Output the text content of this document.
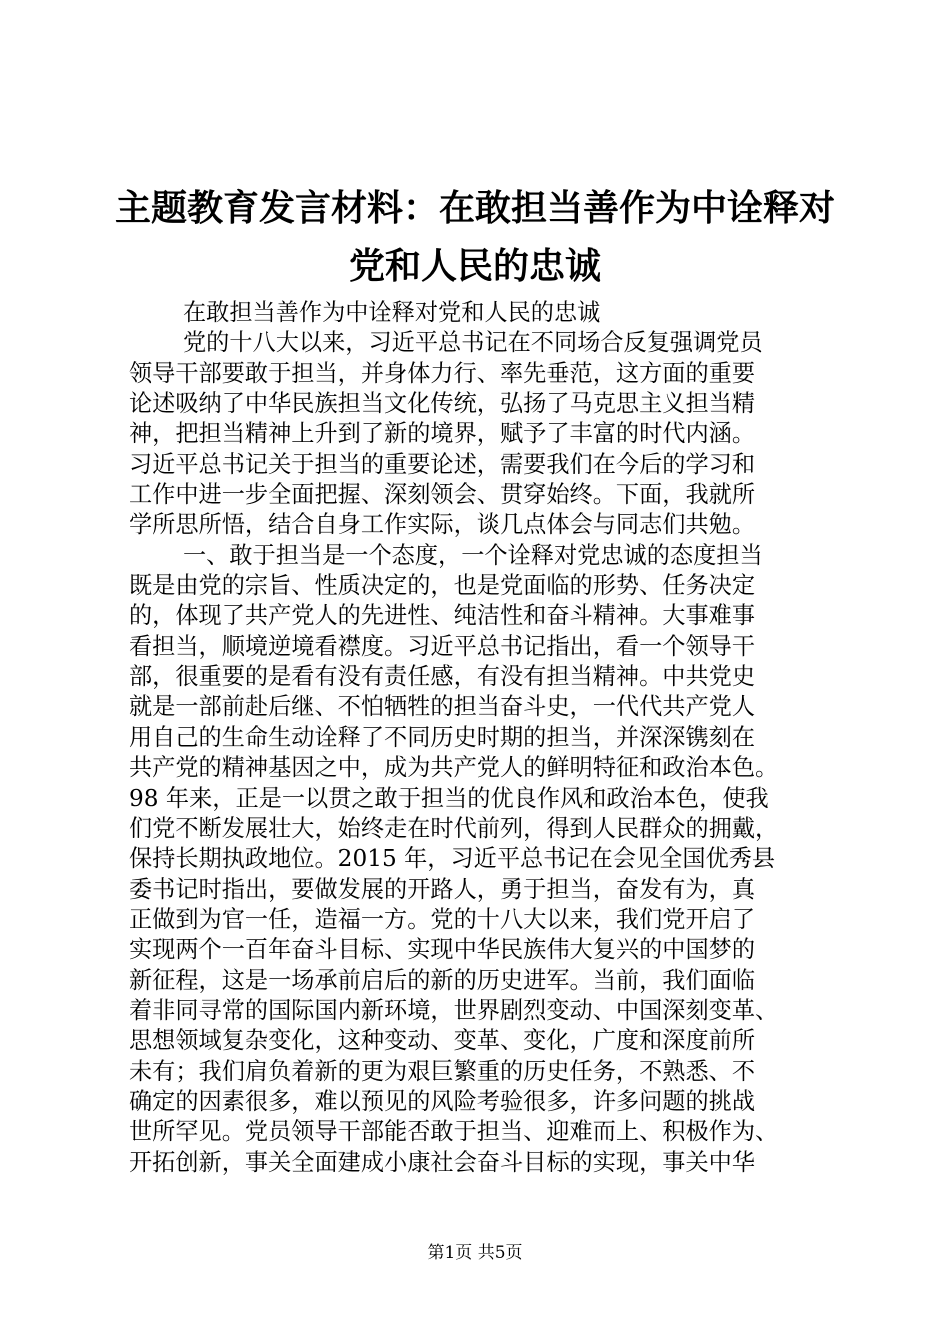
主题教育发言材料：在敢担当善作为中诠释对
党和人民的忠诚
在敢担当善作为中诠释对党和人民的忠诚
党的十八大以来，习近平总书记在不同场合反复强调党员
领导干部要敢于担当，并身体力行、率先垂范，这方面的重要
论述吸纳了中华民族担当文化传统，弘扬了马克思主义担当精
神，把担当精神上升到了新的境界，赋予了丰富的时代内涵。
习近平总书记关于担当的重要论述，需要我们在今后的学习和
工作中进一步全面把握、深刻领会、贯穿始终。下面，我就所
学所思所悟，结合自身工作实际，谈几点体会与同志们共勉。
一、敢于担当是一个态度，一个诠释对党忠诚的态度担当
既是由党的宗旨、性质决定的，也是党面临的形势、任务决定
的，体现了共产党人的先进性、纯洁性和奋斗精神。大事难事
看担当，顺境逆境看襟度。习近平总书记指出，看一个领导干
部，很重要的是看有没有责任感，有没有担当精神。中共党史
就是一部前赴后继、不怕牺牲的担当奋斗史，一代代共产党人
用自己的生命生动诠释了不同历史时期的担当，并深深镌刻在
共产党的精神基因之中，成为共产党人的鲜明特征和政治本色。
98 年来，正是一以贯之敢于担当的优良作风和政治本色，使我
们党不断发展壮大，始终走在时代前列，得到人民群众的拥戴，
保持长期执政地位。2015 年，习近平总书记在会见全国优秀县
委书记时指出，要做发展的开路人，勇于担当，奋发有为，真
正做到为官一任，造福一方。党的十八大以来，我们党开启了
实现两个一百年奋斗目标、实现中华民族伟大复兴的中国梦的
新征程，这是一场承前启后的新的历史进军。当前，我们面临
着非同寻常的国际国内新环境，世界剧烈变动、中国深刻变革、
思想领域复杂变化，这种变动、变革、变化，广度和深度前所
未有；我们肩负着新的更为艰巨繁重的历史任务，不熟悉、不
确定的因素很多，难以预见的风险考验很多，许多问题的挑战
世所罕见。党员领导干部能否敢于担当、迎难而上、积极作为、
开拓创新，事关全面建成小康社会奋斗目标的实现，事关中华
第1页 共5页
